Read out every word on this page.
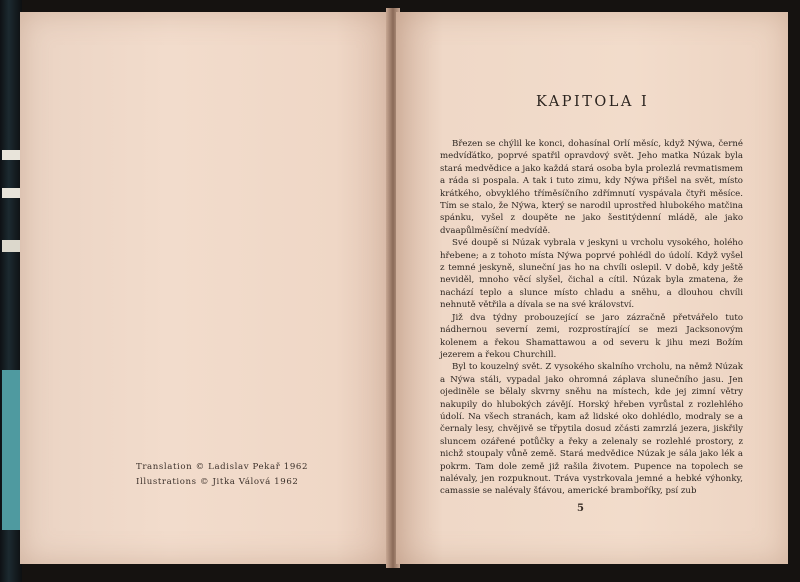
Translation © Ladislav Pekař 1962
Illustrations © Jitka Válová 1962
KAPITOLA I

Březen se chýlil ke konci, dohasínal Orlí měsíc, když Nýwa, černé medvíďátko, poprvé spatřil opravdový svět. Jeho matka Núzak byla stará medvědice a jako každá stará osoba byla prolezlá revmatismem a ráda si pospala. A tak i tuto zimu, kdy Nýwa přišel na svět, místo krátkého, obvyklého tříměsíčního zdřímnutí vyspávala čtyři měsíce. Tím se stalo, že Nýwa, který se narodil uprostřed hlubokého matčina spánku, vyšel z doupěte ne jako šestitýdenní mládě, ale jako dvaapůlměsíční medvídě.

Své doupě si Núzak vybrala v jeskyni u vrcholu vysokého, holého hřebene; a z tohoto místa Nýwa poprvé pohlédl do údolí. Když vyšel z temné jeskyně, sluneční jas ho na chvíli oslepil. V době, kdy ještě neviděl, mnoho věcí slyšel, čichal a cítil. Núzak byla zmatena, že nachází teplo a slunce místo chladu a sněhu, a dlouhou chvíli nehnutě větřila a dívala se na své království.

Již dva týdny probouzející se jaro zázračně přetvářelo tuto nádhernou severní zemi, rozprostírající se mezi Jacksonovým kolenem a řekou Shamattawou a od severu k jihu mezi Božím jezerem a řekou Churchill.

Byl to kouzelný svět. Z vysokého skalního vrcholu, na němž Núzak a Nýwa stáli, vypadal jako ohromná záplava slunečního jasu. Jen ojediněle se bělaly skvrny sněhu na místech, kde jej zimní větry nakupily do hlubokých závějí. Horský hřeben vyrůstal z rozlehlého údolí. Na všech stranách, kam až lidské oko dohlédlo, modraly se a černaly lesy, chvějivě se třpytila dosud zčásti zamrzlá jezera, jiskřily sluncem ozářené potůčky a řeky a zelenaly se rozlehlé prostory, z nichž stoupaly vůně země. Stará medvědice Núzak je sála jako lék a pokrm. Tam dole země již rašila životem. Pupence na topolech se nalévaly, jen rozpuknout. Tráva vystrkovala jemné a hebké výhonky, camassie se nalévaly šťávou, americké bramboříky, psí zub

5
